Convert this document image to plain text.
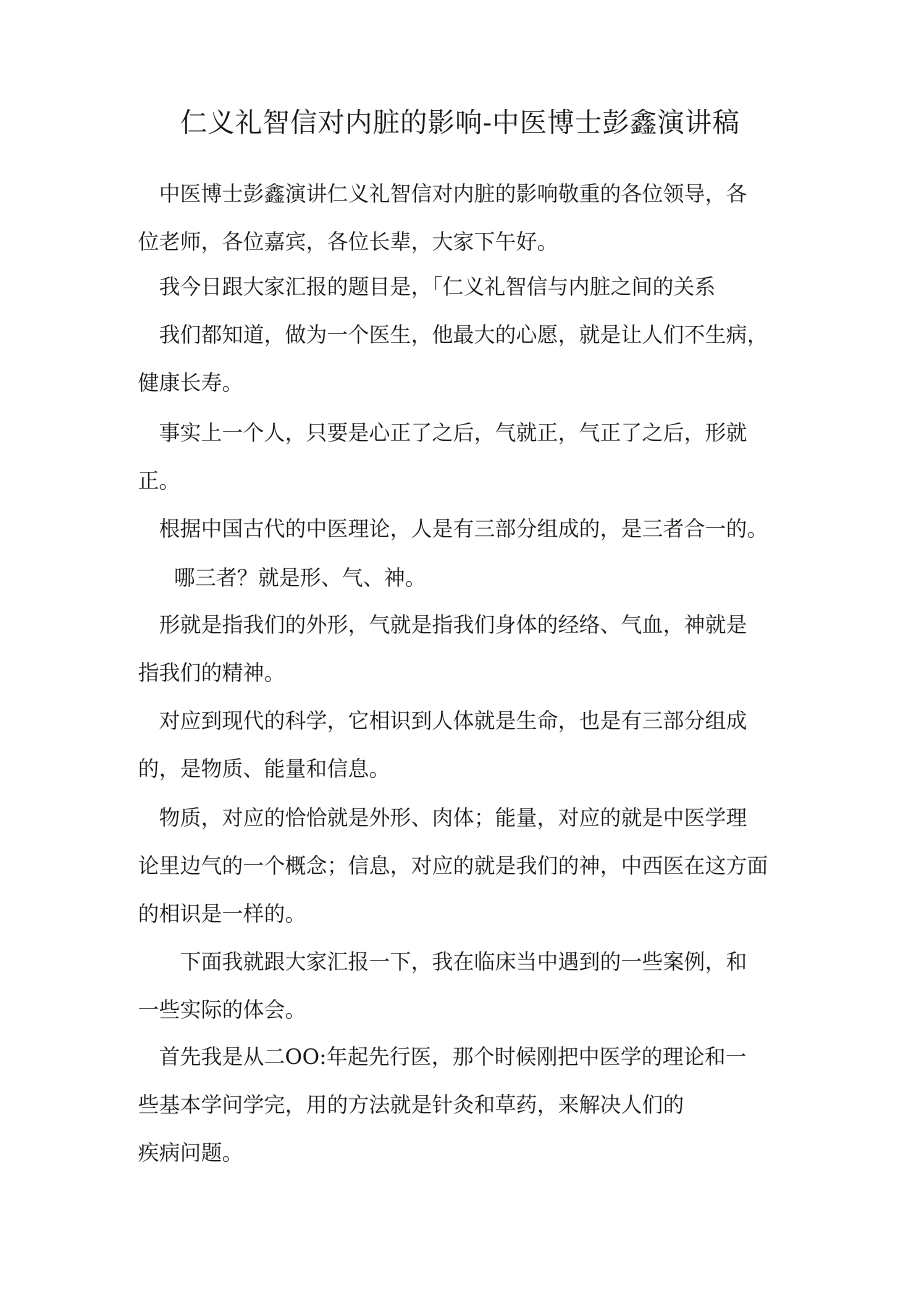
仁义礼智信对内脏的影响-中医博士彭鑫演讲稿

　中医博士彭鑫演讲仁义礼智信对内脏的影响敬重的各位领导，各
位老师，各位嘉宾，各位长辈，大家下午好。

　我今日跟大家汇报的题目是，「仁义礼智信与内脏之间的关系

　我们都知道，做为一个医生，他最大的心愿，就是让人们不生病，
健康长寿。

　事实上一个人，只要是心正了之后，气就正，气正了之后，形就
正。

　根据中国古代的中医理论，人是有三部分组成的，是三者合一的。

哪三者？就是形、气、神。

　形就是指我们的外形，气就是指我们身体的经络、气血，神就是
指我们的精神。

　对应到现代的科学，它相识到人体就是生命，也是有三部分组成
的，是物质、能量和信息。

　物质，对应的恰恰就是外形、肉体；能量，对应的就是中医学理
论里边气的一个概念；信息，对应的就是我们的神，中西医在这方面
的相识是一样的。

　　下面我就跟大家汇报一下，我在临床当中遇到的一些案例，和
一些实际的体会。

　首先我是从二OO:年起先行医，那个时候刚把中医学的理论和一
些基本学问学完，用的方法就是针灸和草药，来解决人们的
疾病问题。
